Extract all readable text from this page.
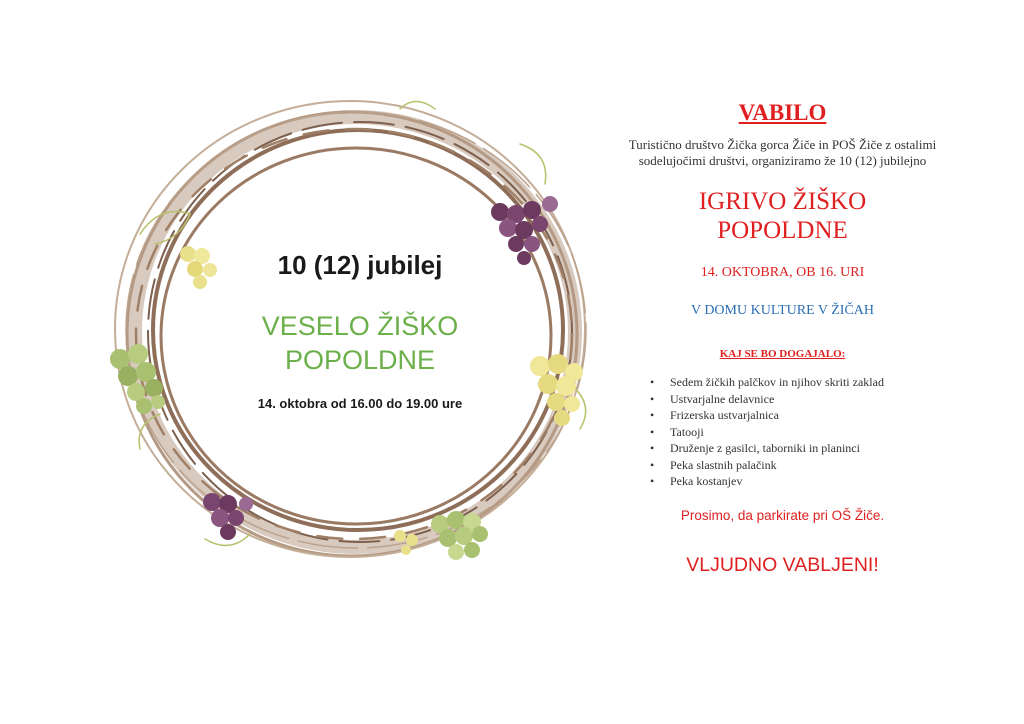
10 (12) jubilej
VESELO ŽIŠKO
POPOLDNE
14. oktobra od 16.00 do 19.00 ure
VABILO
Turistično društvo Žička gorca Žiče in POŠ Žiče z ostalimi sodelujočimi društvi, organiziramo že 10 (12) jubilejno
IGRIVO ŽIŠKO
POPOLDNE
14. OKTOBRA, OB 16. URI
V DOMU KULTURE V ŽIČAH
KAJ SE BO DOGAJALO:
• Sedem žičkih palčkov in njihov skriti zaklad
• Ustvarjalne delavnice
• Frizerska ustvarjalnica
• Tatooji
• Druženje z gasilci, taborniki in planinci
• Peka slastnih palačink
• Peka kostanjev
Prosimo, da parkirate pri OŠ Žiče.
VLJUDNO VABLJENI!
